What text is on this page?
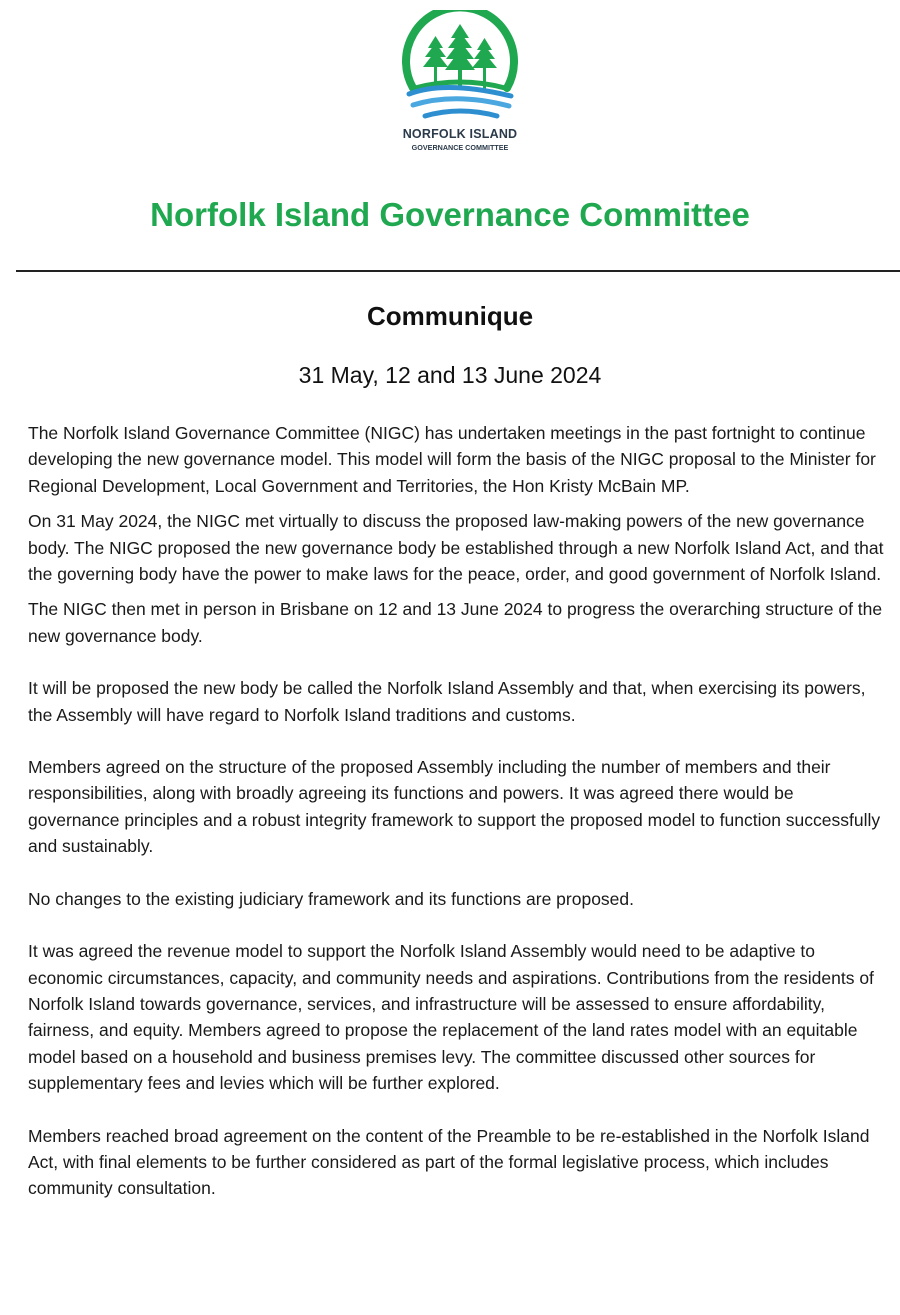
NORFOLK ISLAND
GOVERNANCE COMMITTEE
Norfolk Island Governance Committee
Communique
31 May, 12 and 13 June 2024

The Norfolk Island Governance Committee (NIGC) has undertaken meetings in the past fortnight to continue developing the new governance model. This model will form the basis of the NIGC proposal to the Minister for Regional Development, Local Government and Territories, the Hon Kristy McBain MP.

On 31 May 2024, the NIGC met virtually to discuss the proposed law-making powers of the new governance body. The NIGC proposed the new governance body be established through a new Norfolk Island Act, and that the governing body have the power to make laws for the peace, order, and good government of Norfolk Island.

The NIGC then met in person in Brisbane on 12 and 13 June 2024 to progress the overarching structure of the new governance body.

It will be proposed the new body be called the Norfolk Island Assembly and that, when exercising its powers, the Assembly will have regard to Norfolk Island traditions and customs.

Members agreed on the structure of the proposed Assembly including the number of members and their responsibilities, along with broadly agreeing its functions and powers. It was agreed there would be governance principles and a robust integrity framework to support the proposed model to function successfully and sustainably.

No changes to the existing judiciary framework and its functions are proposed.

It was agreed the revenue model to support the Norfolk Island Assembly would need to be adaptive to economic circumstances, capacity, and community needs and aspirations. Contributions from the residents of Norfolk Island towards governance, services, and infrastructure will be assessed to ensure affordability, fairness, and equity. Members agreed to propose the replacement of the land rates model with an equitable model based on a household and business premises levy. The committee discussed other sources for supplementary fees and levies which will be further explored.

Members reached broad agreement on the content of the Preamble to be re-established in the Norfolk Island Act, with final elements to be further considered as part of the formal legislative process, which includes community consultation.
